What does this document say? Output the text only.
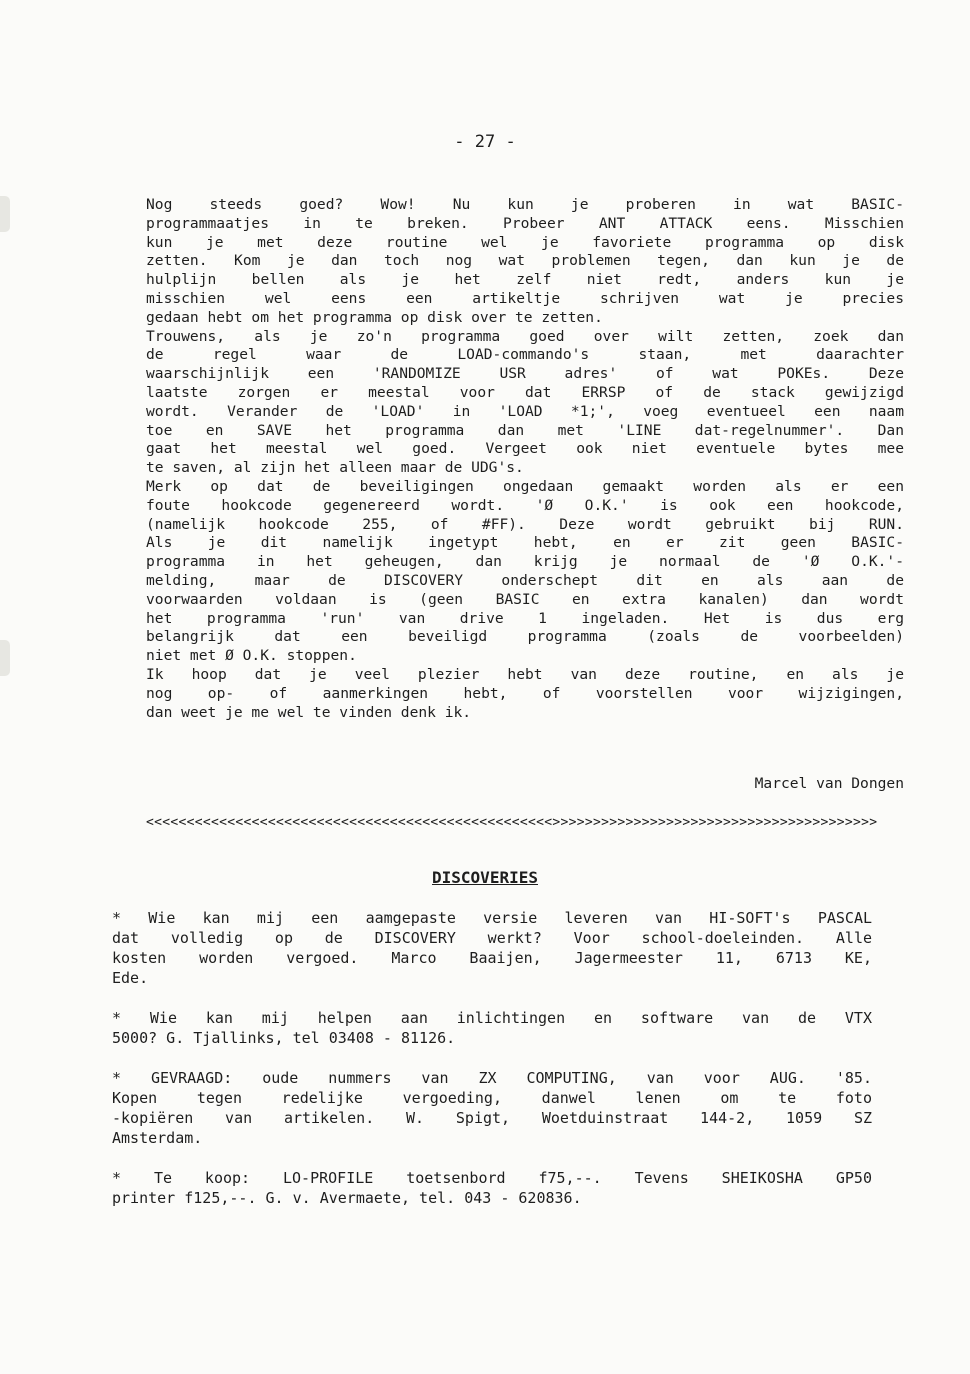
- 27 -
Nog steeds goed? Wow! Nu kun je proberen in wat BASIC-
programmaatjes in te breken. Probeer ANT ATTACK eens. Misschien
kun je met deze routine wel je favoriete programma op disk
zetten. Kom je dan toch nog wat problemen tegen, dan kun je de
hulplijn bellen als je het zelf niet redt, anders kun je
misschien wel eens een artikeltje schrijven wat je precies
gedaan hebt om het programma op disk over te zetten.
Trouwens, als je zo'n programma goed over wilt zetten, zoek dan
de regel waar de LOAD-commando's staan, met daarachter
waarschijnlijk een 'RANDOMIZE USR adres' of wat POKEs. Deze
laatste zorgen er meestal voor dat ERRSP of de stack gewijzigd
wordt. Verander de 'LOAD' in 'LOAD *1;', voeg eventueel een naam
toe en SAVE het programma dan met 'LINE dat-regelnummer'. Dan
gaat het meestal wel goed. Vergeet ook niet eventuele bytes mee
te saven, al zijn het alleen maar de UDG's.
Merk op dat de beveiligingen ongedaan gemaakt worden als er een
foute hookcode gegenereerd wordt. 'Ø O.K.' is ook een hookcode,
(namelijk hookcode 255, of #FF). Deze wordt gebruikt bij RUN.
Als je dit namelijk ingetypt hebt, en er zit geen BASIC-
programma in het geheugen, dan krijg je normaal de 'Ø O.K.'-
melding, maar de DISCOVERY onderschept dit en als aan de
voorwaarden voldaan is (geen BASIC en extra kanalen) dan wordt
het programma 'run' van drive 1 ingeladen. Het is dus erg
belangrijk dat een beveiligd programma (zoals de voorbeelden)
niet met Ø O.K. stoppen.
Ik hoop dat je veel plezier hebt van deze routine, en als je
nog op- of aanmerkingen hebt, of voorstellen voor wijzigingen,
dan weet je me wel te vinden denk ik.
Marcel van Dongen
<<<<<<<<<<<<<<<<<<<<<<<<<<<<<<<<<<<<<<<<<<<<<<<<<<>>>>>>>>>>>>>>>>>>>>>>>>>>>>>>>>>>>>>>>>
DISCOVERIES
* Wie kan mij een aamgepaste versie leveren van HI-SOFT's PASCAL
dat volledig op de DISCOVERY werkt? Voor school-doeleinden. Alle
kosten worden vergoed. Marco Baaijen, Jagermeester 11, 6713 KE,
Ede.
* Wie kan mij helpen aan inlichtingen en software van de VTX
5000? G. Tjallinks, tel 03408 - 81126.
* GEVRAAGD: oude nummers van ZX COMPUTING, van voor AUG. '85.
Kopen tegen redelijke vergoeding, danwel lenen om te foto
-kopiëren van artikelen. W. Spigt, Woetduinstraat 144-2, 1059 SZ
Amsterdam.
* Te koop: LO-PROFILE toetsenbord f75,--. Tevens SHEIKOSHA GP50
printer f125,--. G. v. Avermaete, tel. 043 - 620836.
